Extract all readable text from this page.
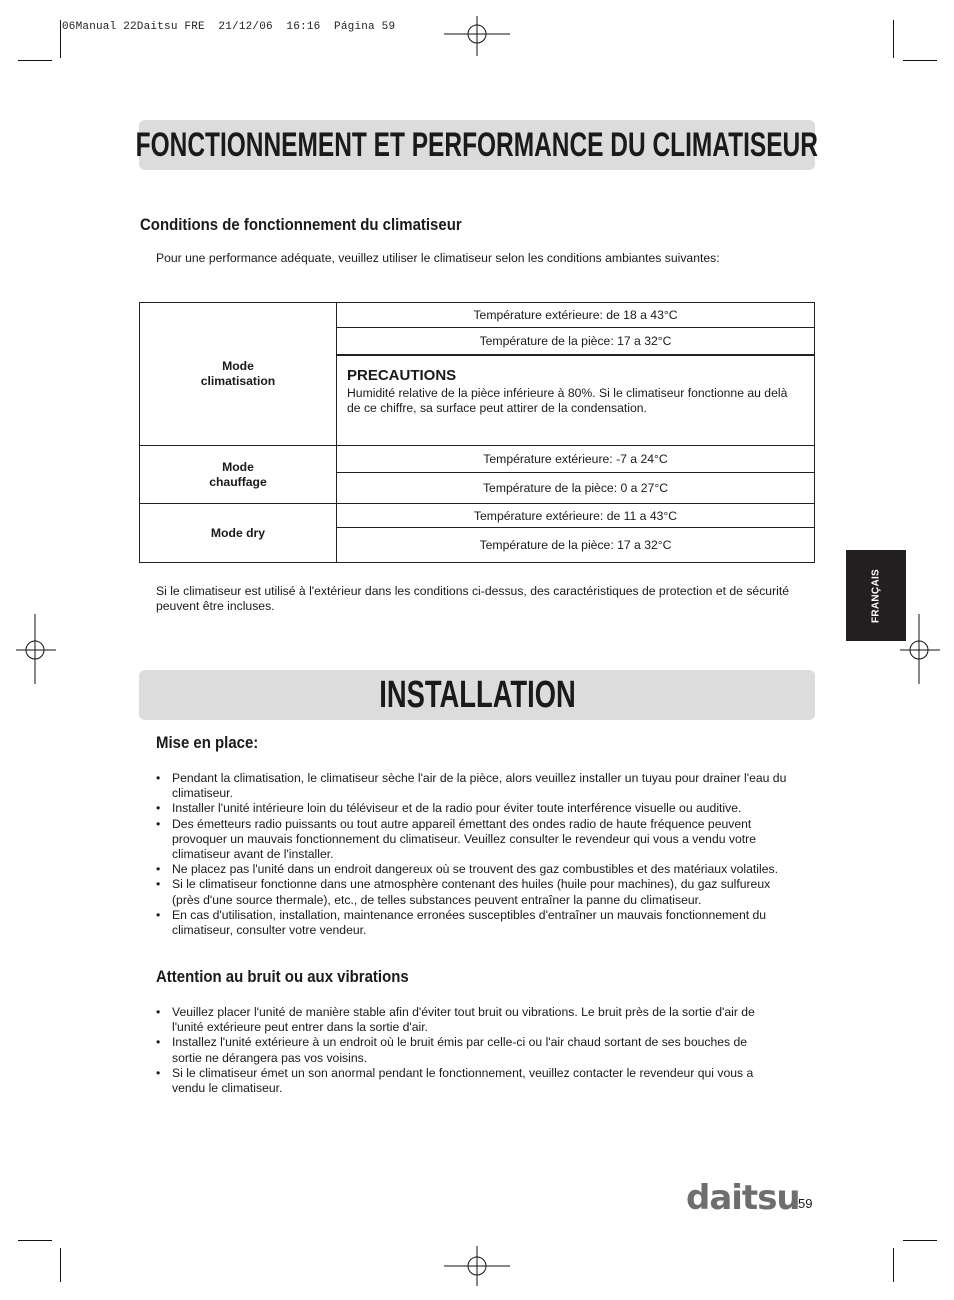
06Manual 22Daitsu FRE  21/12/06  16:16  Página 59
FONCTIONNEMENT ET PERFORMANCE DU CLIMATISEUR
Conditions de fonctionnement du climatiseur
Pour une performance adéquate, veuillez utiliser le climatiseur selon les conditions ambiantes suivantes:
Mode
climatisation	Température extérieure: de 18 a 43°C
	Température de la pièce: 17 a 32°C

	PRECAUTIONS
Humidité relative de la pièce inférieure à 80%. Si le climatiseur fonctionne au delà de ce chiffre, sa surface peut attirer de la condensation.

Mode
chauffage	Température extérieure: -7 a 24°C
	Température de la pièce: 0 a 27°C

Mode dry	Température extérieure: de 11 a 43°C
	Température de la pièce: 17 a 32°C
Si le climatiseur est utilisé à l'extérieur dans les conditions ci-dessus, des caractéristiques de protection et de sécurité peuvent être incluses.	FRANÇAIS
INSTALLATION
Mise en place:
• Pendant la climatisation, le climatiseur sèche l'air de la pièce, alors veuillez installer un tuyau pour drainer l'eau du climatiseur.
• Installer l'unité intérieure loin du téléviseur et de la radio pour éviter toute interférence visuelle ou auditive.
• Des émetteurs radio puissants ou tout autre appareil émettant des ondes radio de haute fréquence peuvent provoquer un mauvais fonctionnement du climatiseur. Veuillez consulter le revendeur qui vous a vendu votre climatiseur avant de l'installer.
• Ne placez pas l'unité dans un endroit dangereux où se trouvent des gaz combustibles et des matériaux volatiles.
• Si le climatiseur fonctionne dans une atmosphère contenant des huiles (huile pour machines), du gaz sulfureux (près d'une source thermale), etc., de telles substances peuvent entraîner la panne du climatiseur.
• En cas d'utilisation, installation, maintenance erronées susceptibles d'entraîner un mauvais fonctionnement du climatiseur, consulter votre vendeur.
Attention au bruit ou aux vibrations
• Veuillez placer l'unité de manière stable afin d'éviter tout bruit ou vibrations. Le bruit près de la sortie d'air de l'unité extérieure peut entrer dans la sortie d'air.
• Installez l'unité extérieure à un endroit où le bruit émis par celle-ci ou l'air chaud sortant de ses bouches de sortie ne dérangera pas vos voisins.
• Si le climatiseur émet un son anormal pendant le fonctionnement, veuillez contacter le revendeur qui vous a vendu le climatiseur.
daitsu
59
